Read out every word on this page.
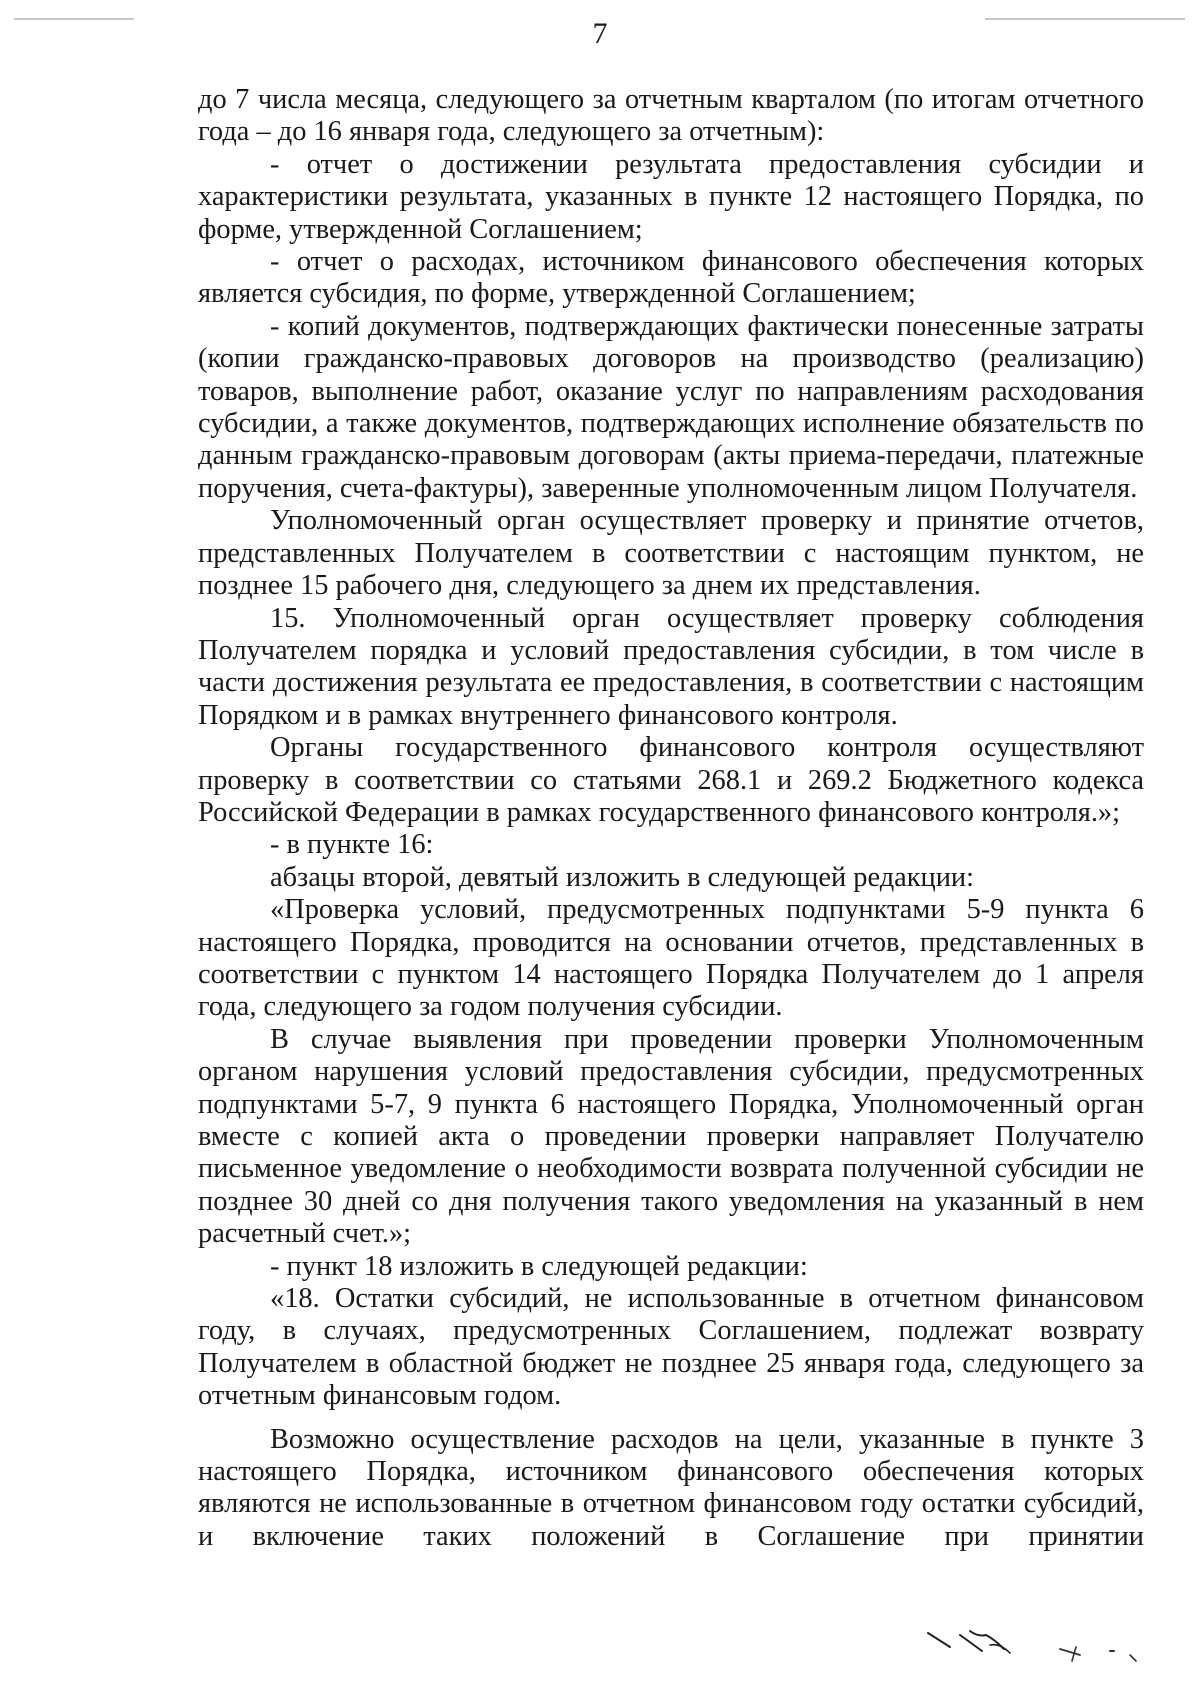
7

до 7 числа месяца, следующего за отчетным кварталом (по итогам отчетного года – до 16 января года, следующего за отчетным):

- отчет о достижении результата предоставления субсидии и характеристики результата, указанных в пункте 12 настоящего Порядка, по форме, утвержденной Соглашением;

- отчет о расходах, источником финансового обеспечения которых является субсидия, по форме, утвержденной Соглашением;

- копий документов, подтверждающих фактически понесенные затраты (копии гражданско-правовых договоров на производство (реализацию) товаров, выполнение работ, оказание услуг по направлениям расходования субсидии, а также документов, подтверждающих исполнение обязательств по данным гражданско-правовым договорам (акты приема-передачи, платежные поручения, счета-фактуры), заверенные уполномоченным лицом Получателя.

Уполномоченный орган осуществляет проверку и принятие отчетов, представленных Получателем в соответствии с настоящим пунктом, не позднее 15 рабочего дня, следующего за днем их представления.

15. Уполномоченный орган осуществляет проверку соблюдения Получателем порядка и условий предоставления субсидии, в том числе в части достижения результата ее предоставления, в соответствии с настоящим Порядком и в рамках внутреннего финансового контроля.

Органы государственного финансового контроля осуществляют проверку в соответствии со статьями 268.1 и 269.2 Бюджетного кодекса Российской Федерации в рамках государственного финансового контроля.»;

- в пункте 16:

абзацы второй, девятый изложить в следующей редакции:

«Проверка условий, предусмотренных подпунктами 5-9 пункта 6 настоящего Порядка, проводится на основании отчетов, представленных в соответствии с пунктом 14 настоящего Порядка Получателем до 1 апреля года, следующего за годом получения субсидии.

В случае выявления при проведении проверки Уполномоченным органом нарушения условий предоставления субсидии, предусмотренных подпунктами 5-7, 9 пункта 6 настоящего Порядка, Уполномоченный орган вместе с копией акта о проведении проверки направляет Получателю письменное уведомление о необходимости возврата полученной субсидии не позднее 30 дней со дня получения такого уведомления на указанный в нем расчетный счет.»;

- пункт 18 изложить в следующей редакции:

«18. Остатки субсидий, не использованные в отчетном финансовом году, в случаях, предусмотренных Соглашением, подлежат возврату Получателем в областной бюджет не позднее 25 января года, следующего за отчетным финансовым годом.

Возможно осуществление расходов на цели, указанные в пункте 3 настоящего Порядка, источником финансового обеспечения которых являются не использованные в отчетном финансовом году остатки субсидий, и включение таких положений в Соглашение при принятии
